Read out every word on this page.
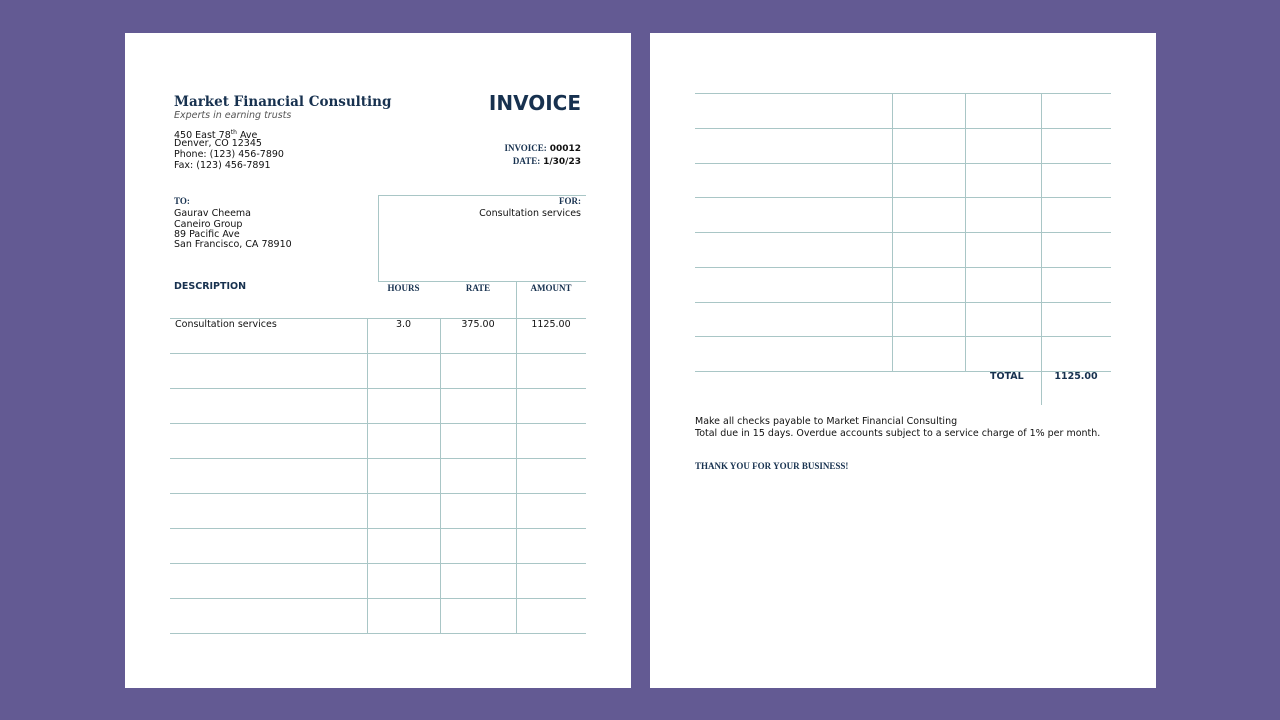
Market Financial Consulting
Experts in earning trusts
450 East 78th Ave
Denver, CO 12345
Phone: (123) 456-7890
Fax: (123) 456-7891
INVOICE
INVOICE: 00012
DATE: 1/30/23
TO:
Gaurav Cheema
Caneiro Group
89 Pacific Ave
San Francisco, CA 78910
FOR:
Consultation services
DESCRIPTION	HOURS	RATE	AMOUNT
Consultation services	3.0	375.00	1125.00
TOTAL	1125.00
Make all checks payable to Market Financial Consulting
Total due in 15 days. Overdue accounts subject to a service charge of 1% per month.
THANK YOU FOR YOUR BUSINESS!
